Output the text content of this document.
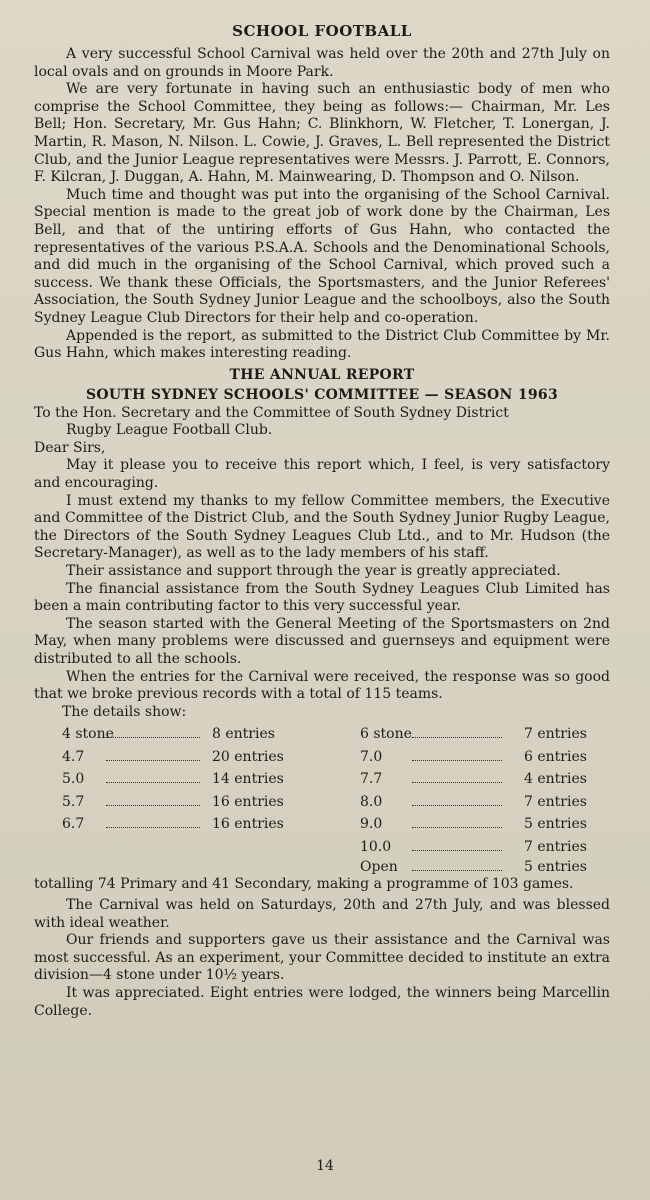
SCHOOL FOOTBALL

A very successful School Carnival was held over the 20th and 27th July on local ovals and on grounds in Moore Park.

We are very fortunate in having such an enthusiastic body of men who comprise the School Committee, they being as follows:— Chairman, Mr. Les Bell; Hon. Secretary, Mr. Gus Hahn; C. Blinkhorn, W. Fletcher, T. Lonergan, J. Martin, R. Mason, N. Nilson. L. Cowie, J. Graves, L. Bell represented the District Club, and the Junior League representatives were Messrs. J. Parrott, E. Connors, F. Kilcran, J. Duggan, A. Hahn, M. Mainwearing, D. Thompson and O. Nilson.

Much time and thought was put into the organising of the School Carnival. Special mention is made to the great job of work done by the Chairman, Les Bell, and that of the untiring efforts of Gus Hahn, who contacted the representatives of the various P.S.A.A. Schools and the Denominational Schools, and did much in the organising of the School Carnival, which proved such a success. We thank these Officials, the Sportsmasters, and the Junior Referees' Association, the South Sydney Junior League and the schoolboys, also the South Sydney League Club Directors for their help and co-operation.

Appended is the report, as submitted to the District Club Committee by Mr. Gus Hahn, which makes interesting reading.

THE ANNUAL REPORT
SOUTH SYDNEY SCHOOLS' COMMITTEE — SEASON 1963

To the Hon. Secretary and the Committee of South Sydney District

Rugby League Football Club.

Dear Sirs,

May it please you to receive this report which, I feel, is very satisfactory and encouraging.

I must extend my thanks to my fellow Committee members, the Executive and Committee of the District Club, and the South Sydney Junior Rugby League, the Directors of the South Sydney Leagues Club Ltd., and to Mr. Hudson (the Secretary-Manager), as well as to the lady members of his staff.

Their assistance and support through the year is greatly appreciated.

The financial assistance from the South Sydney Leagues Club Limited has been a main contributing factor to this very successful year.

The season started with the General Meeting of the Sportsmasters on 2nd May, when many problems were discussed and guernseys and equipment were distributed to all the schools.

When the entries for the Carnival were received, the response was so good that we broke previous records with a total of 115 teams.

The details show:

4 stone	8 entries
4.7	20 entries
5.0	14 entries
5.7	16 entries
6.7	16 entries
6 stone	7 entries
7.0	6 entries
7.7	4 entries
8.0	7 entries
9.0	5 entries
10.0	7 entries
Open	5 entries

totalling 74 Primary and 41 Secondary, making a programme of 103 games.

The Carnival was held on Saturdays, 20th and 27th July, and was blessed with ideal weather.

Our friends and supporters gave us their assistance and the Carnival was most successful. As an experiment, your Committee decided to institute an extra division—4 stone under 10½ years.

It was appreciated. Eight entries were lodged, the winners being Marcellin College.

14
